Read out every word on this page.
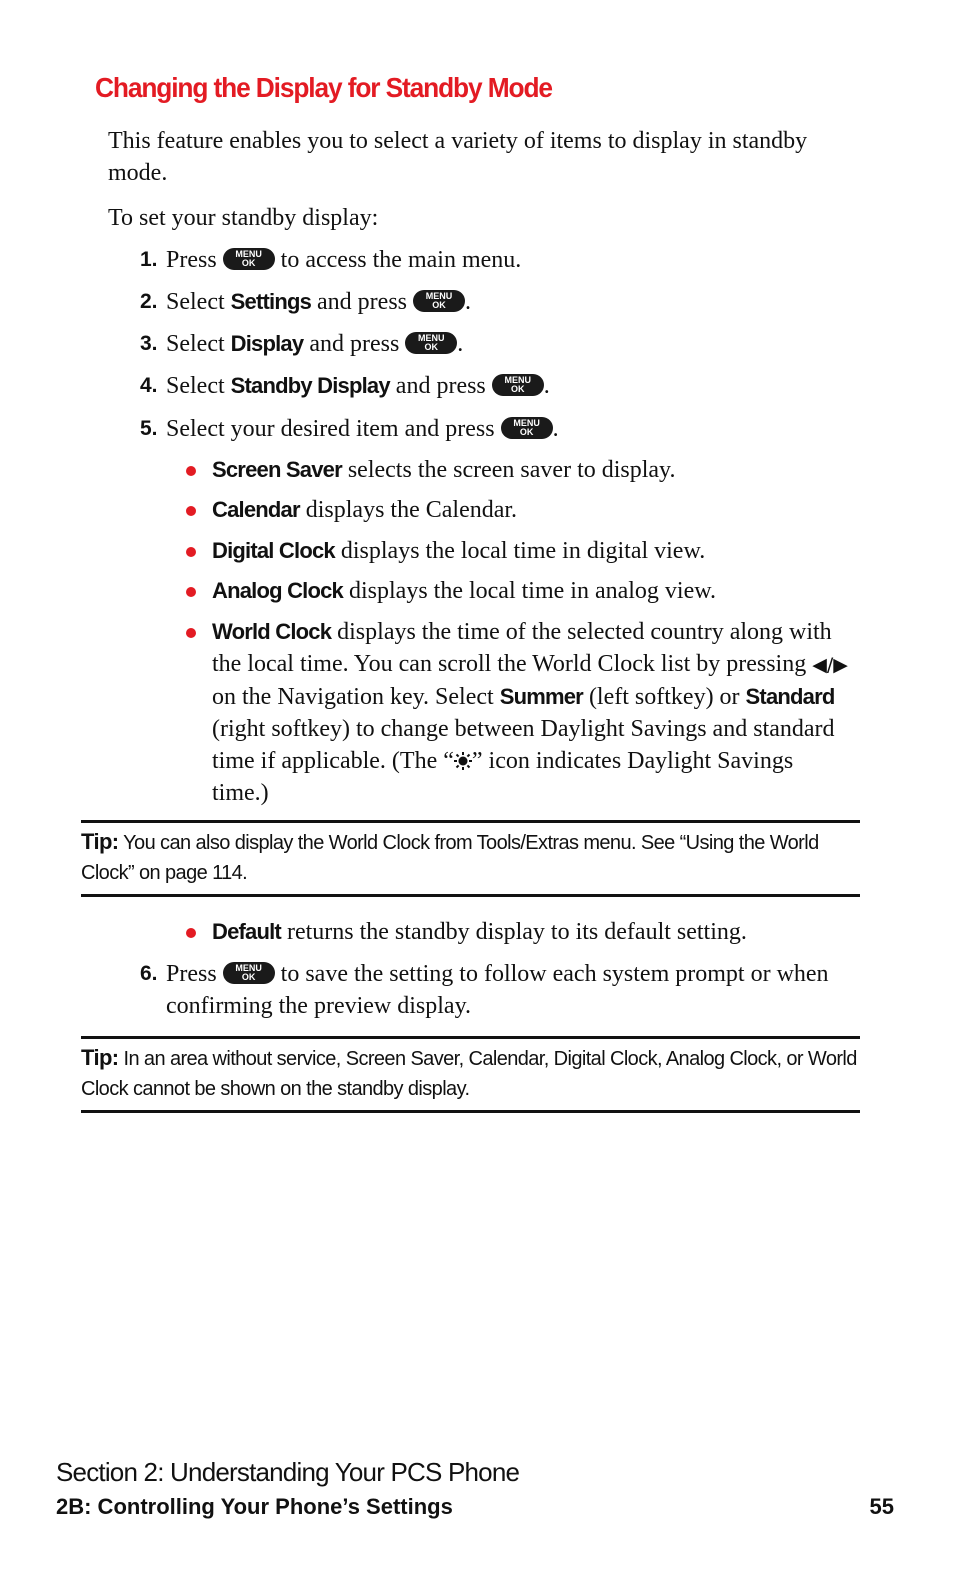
Changing the Display for Standby Mode

This feature enables you to select a variety of items to display in standby mode.

To set your standby display:

1. Press	MENU
OK	to access the main menu.
2. Select Settings and press	MENU
OK .
3. Select Display and press	MENU
OK .
4. Select Standby Display and press	MENU
OK .
5. Select your desired item and press	MENU
OK .
Screen Saver selects the screen saver to display.
Calendar displays the Calendar.
Digital Clock displays the local time in digital view.
Analog Clock displays the local time in analog view.
World Clock displays the time of the selected country along with the local time. You can scroll the World Clock list by pressing ◀/▶ on the Navigation key. Select Summer (left softkey) or Standard (right softkey) to change between Daylight Savings and standard time if applicable. (The “ ” icon indicates Daylight Savings time.)
Tip: You can also display the World Clock from Tools/Extras menu. See “Using the World Clock” on page 114.
Default returns the standby display to its default setting.
6. Press	MENU
OK	to save the setting to follow each system prompt or when confirming the preview display.
Tip: In an area without service, Screen Saver, Calendar, Digital Clock, Analog Clock, or World Clock cannot be shown on the standby display.
Section 2: Understanding Your PCS Phone
2B: Controlling Your Phone’s Settings	55
